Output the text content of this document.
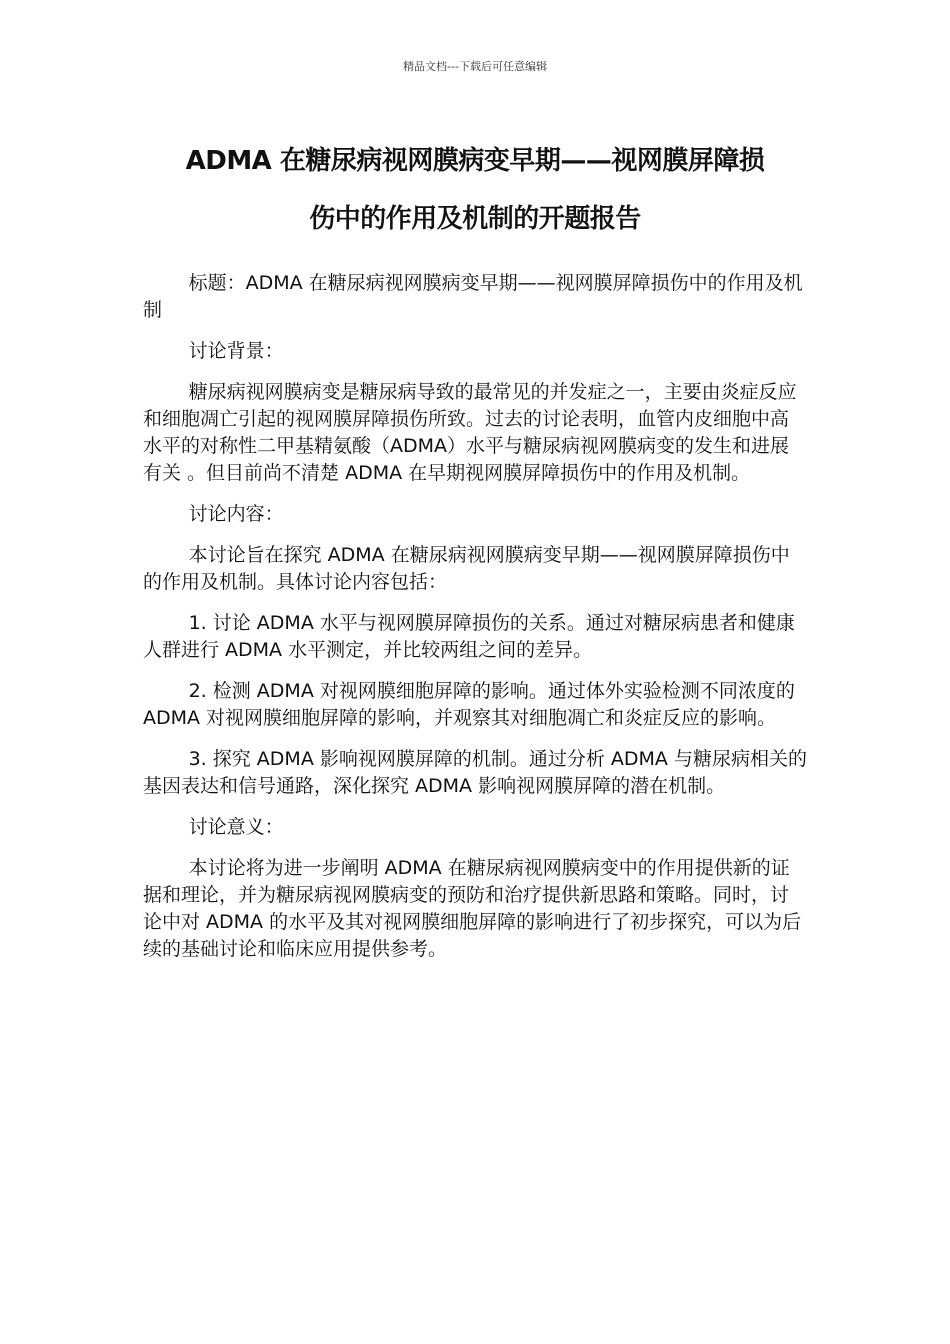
精品文档---下载后可任意编辑
ADMA 在糖尿病视网膜病变早期——视网膜屏障损
伤中的作用及机制的开题报告

标题：ADMA 在糖尿病视网膜病变早期——视网膜屏障损伤中的作用及机制

讨论背景：

糖尿病视网膜病变是糖尿病导致的最常见的并发症之一，主要由炎症反应和细胞凋亡引起的视网膜屏障损伤所致。过去的讨论表明，血管内皮细胞中高水平的对称性二甲基精氨酸（ADMA）水平与糖尿病视网膜病变的发生和进展有关 。但目前尚不清楚 ADMA 在早期视网膜屏障损伤中的作用及机制。

讨论内容：

本讨论旨在探究 ADMA 在糖尿病视网膜病变早期——视网膜屏障损伤中的作用及机制。具体讨论内容包括：

1. 讨论 ADMA 水平与视网膜屏障损伤的关系。通过对糖尿病患者和健康人群进行 ADMA 水平测定，并比较两组之间的差异。

2. 检测 ADMA 对视网膜细胞屏障的影响。通过体外实验检测不同浓度的 ADMA 对视网膜细胞屏障的影响，并观察其对细胞凋亡和炎症反应的影响。

3. 探究 ADMA 影响视网膜屏障的机制。通过分析 ADMA 与糖尿病相关的基因表达和信号通路，深化探究 ADMA 影响视网膜屏障的潜在机制。

讨论意义：

本讨论将为进一步阐明 ADMA 在糖尿病视网膜病变中的作用提供新的证据和理论，并为糖尿病视网膜病变的预防和治疗提供新思路和策略。同时，讨论中对 ADMA 的水平及其对视网膜细胞屏障的影响进行了初步探究，可以为后续的基础讨论和临床应用提供参考。
